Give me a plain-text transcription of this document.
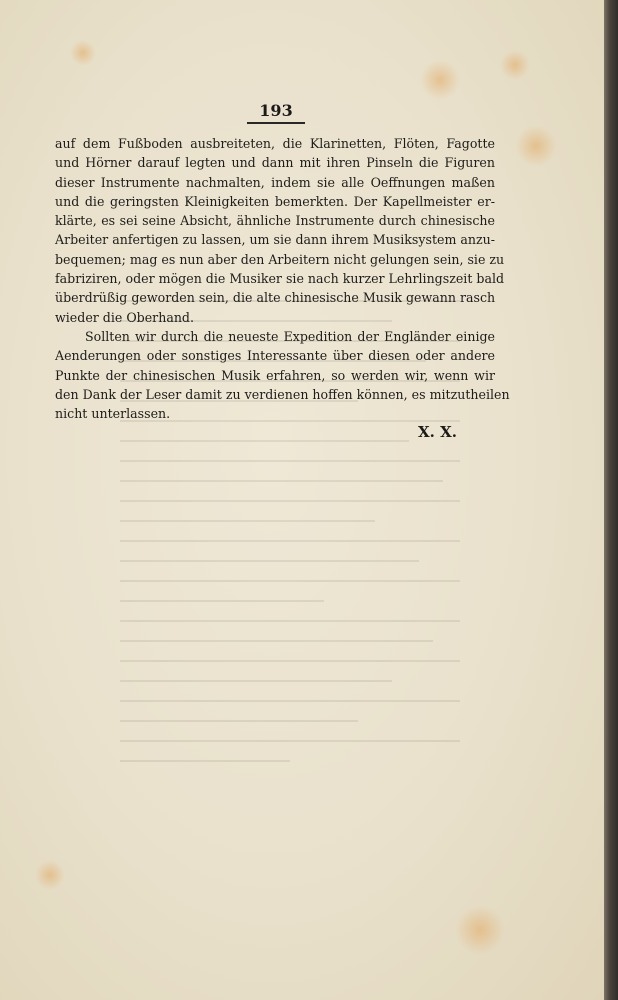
193
auf dem Fußboden ausbreiteten, die Klarinetten, Flöten, Fagotte
und Hörner darauf legten und dann mit ihren Pinseln die Figuren
dieser Instrumente nachmalten, indem sie alle Oeffnungen maßen
und die geringsten Kleinigkeiten bemerkten. Der Kapellmeister er-
klärte, es sei seine Absicht, ähnliche Instrumente durch chinesische
Arbeiter anfertigen zu lassen, um sie dann ihrem Musiksystem anzu-
bequemen; mag es nun aber den Arbeitern nicht gelungen sein, sie zu
fabriziren, oder mögen die Musiker sie nach kurzer Lehrlingszeit bald
überdrüßig geworden sein, die alte chinesische Musik gewann rasch
wieder die Oberhand.
Sollten wir durch die neueste Expedition der Engländer einige
Aenderungen oder sonstiges Interessante über diesen oder andere
Punkte der chinesischen Musik erfahren, so werden wir, wenn wir
den Dank der Leser damit zu verdienen hoffen können, es mitzutheilen
nicht unterlassen.
X. X.
